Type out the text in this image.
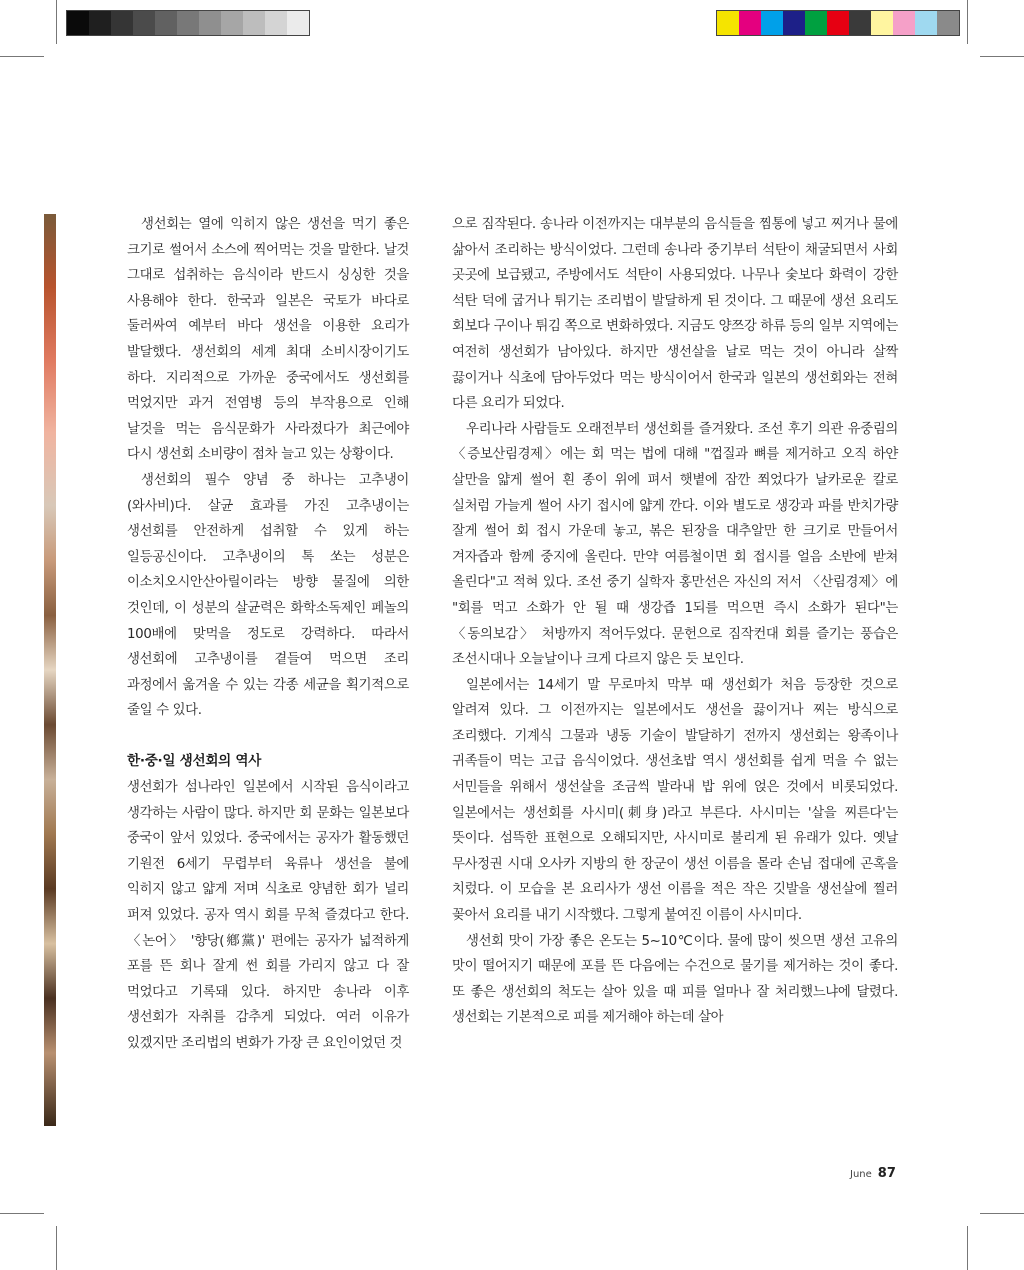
생선회는 열에 익히지 않은 생선을 먹기 좋은 크기로 썰어서 소스에 찍어먹는 것을 말한다. 날것 그대로 섭취하는 음식이라 반드시 싱싱한 것을 사용해야 한다. 한국과 일본은 국토가 바다로 둘러싸여 예부터 바다 생선을 이용한 요리가 발달했다. 생선회의 세계 최대 소비시장이기도 하다. 지리적으로 가까운 중국에서도 생선회를 먹었지만 과거 전염병 등의 부작용으로 인해 날것을 먹는 음식문화가 사라졌다가 최근에야 다시 생선회 소비량이 점차 늘고 있는 상황이다.

생선회의 필수 양념 중 하나는 고추냉이(와사비)다. 살균 효과를 가진 고추냉이는 생선회를 안전하게 섭취할 수 있게 하는 일등공신이다. 고추냉이의 톡 쏘는 성분은 이소치오시안산아릴이라는 방향 물질에 의한 것인데, 이 성분의 살균력은 화학소독제인 페놀의 100배에 맞먹을 정도로 강력하다. 따라서 생선회에 고추냉이를 곁들여 먹으면 조리 과정에서 옮겨올 수 있는 각종 세균을 획기적으로 줄일 수 있다.

한·중·일 생선회의 역사

생선회가 섬나라인 일본에서 시작된 음식이라고 생각하는 사람이 많다. 하지만 회 문화는 일본보다 중국이 앞서 있었다. 중국에서는 공자가 활동했던 기원전 6세기 무렵부터 육류나 생선을 불에 익히지 않고 얇게 저며 식초로 양념한 회가 널리 퍼져 있었다. 공자 역시 회를 무척 즐겼다고 한다. 〈논어〉 '향당(鄕黨)' 편에는 공자가 넓적하게 포를 뜬 회나 잘게 썬 회를 가리지 않고 다 잘 먹었다고 기록돼 있다. 하지만 송나라 이후 생선회가 자취를 감추게 되었다. 여러 이유가 있겠지만 조리법의 변화가 가장 큰 요인이었던 것

으로 짐작된다. 송나라 이전까지는 대부분의 음식들을 찜통에 넣고 찌거나 물에 삶아서 조리하는 방식이었다. 그런데 송나라 중기부터 석탄이 채굴되면서 사회 곳곳에 보급됐고, 주방에서도 석탄이 사용되었다. 나무나 숯보다 화력이 강한 석탄 덕에 굽거나 튀기는 조리법이 발달하게 된 것이다. 그 때문에 생선 요리도 회보다 구이나 튀김 쪽으로 변화하였다. 지금도 양쯔강 하류 등의 일부 지역에는 여전히 생선회가 남아있다. 하지만 생선살을 날로 먹는 것이 아니라 살짝 끓이거나 식초에 담아두었다 먹는 방식이어서 한국과 일본의 생선회와는 전혀 다른 요리가 되었다.

우리나라 사람들도 오래전부터 생선회를 즐겨왔다. 조선 후기 의관 유중림의 〈증보산림경제〉에는 회 먹는 법에 대해 "껍질과 뼈를 제거하고 오직 하얀 살만을 얇게 썰어 흰 종이 위에 펴서 햇볕에 잠깐 쬐었다가 날카로운 칼로 실처럼 가늘게 썰어 사기 접시에 얇게 깐다. 이와 별도로 생강과 파를 반치가량 잘게 썰어 회 접시 가운데 놓고, 볶은 된장을 대추알만 한 크기로 만들어서 겨자즙과 함께 중지에 올린다. 만약 여름철이면 회 접시를 얼음 소반에 받쳐 올린다"고 적혀 있다. 조선 중기 실학자 홍만선은 자신의 저서 〈산림경제〉에 "회를 먹고 소화가 안 될 때 생강즙 1되를 먹으면 즉시 소화가 된다"는 〈동의보감〉 처방까지 적어두었다. 문헌으로 짐작컨대 회를 즐기는 풍습은 조선시대나 오늘날이나 크게 다르지 않은 듯 보인다.

일본에서는 14세기 말 무로마치 막부 때 생선회가 처음 등장한 것으로 알려져 있다. 그 이전까지는 일본에서도 생선을 끓이거나 찌는 방식으로 조리했다. 기계식 그물과 냉동 기술이 발달하기 전까지 생선회는 왕족이나 귀족들이 먹는 고급 음식이었다. 생선초밥 역시 생선회를 쉽게 먹을 수 없는 서민들을 위해서 생선살을 조금씩 발라내 밥 위에 얹은 것에서 비롯되었다. 일본에서는 생선회를 사시미(刺身)라고 부른다. 사시미는 '살을 찌른다'는 뜻이다. 섬뜩한 표현으로 오해되지만, 사시미로 불리게 된 유래가 있다. 옛날 무사정권 시대 오사카 지방의 한 장군이 생선 이름을 몰라 손님 접대에 곤혹을 치렀다. 이 모습을 본 요리사가 생선 이름을 적은 작은 깃발을 생선살에 찔러 꽂아서 요리를 내기 시작했다. 그렇게 붙여진 이름이 사시미다.

생선회 맛이 가장 좋은 온도는 5~10℃이다. 물에 많이 씻으면 생선 고유의 맛이 떨어지기 때문에 포를 뜬 다음에는 수건으로 물기를 제거하는 것이 좋다. 또 좋은 생선회의 척도는 살아 있을 때 피를 얼마나 잘 처리했느냐에 달렸다. 생선회는 기본적으로 피를 제거해야 하는데 살아

June 87
